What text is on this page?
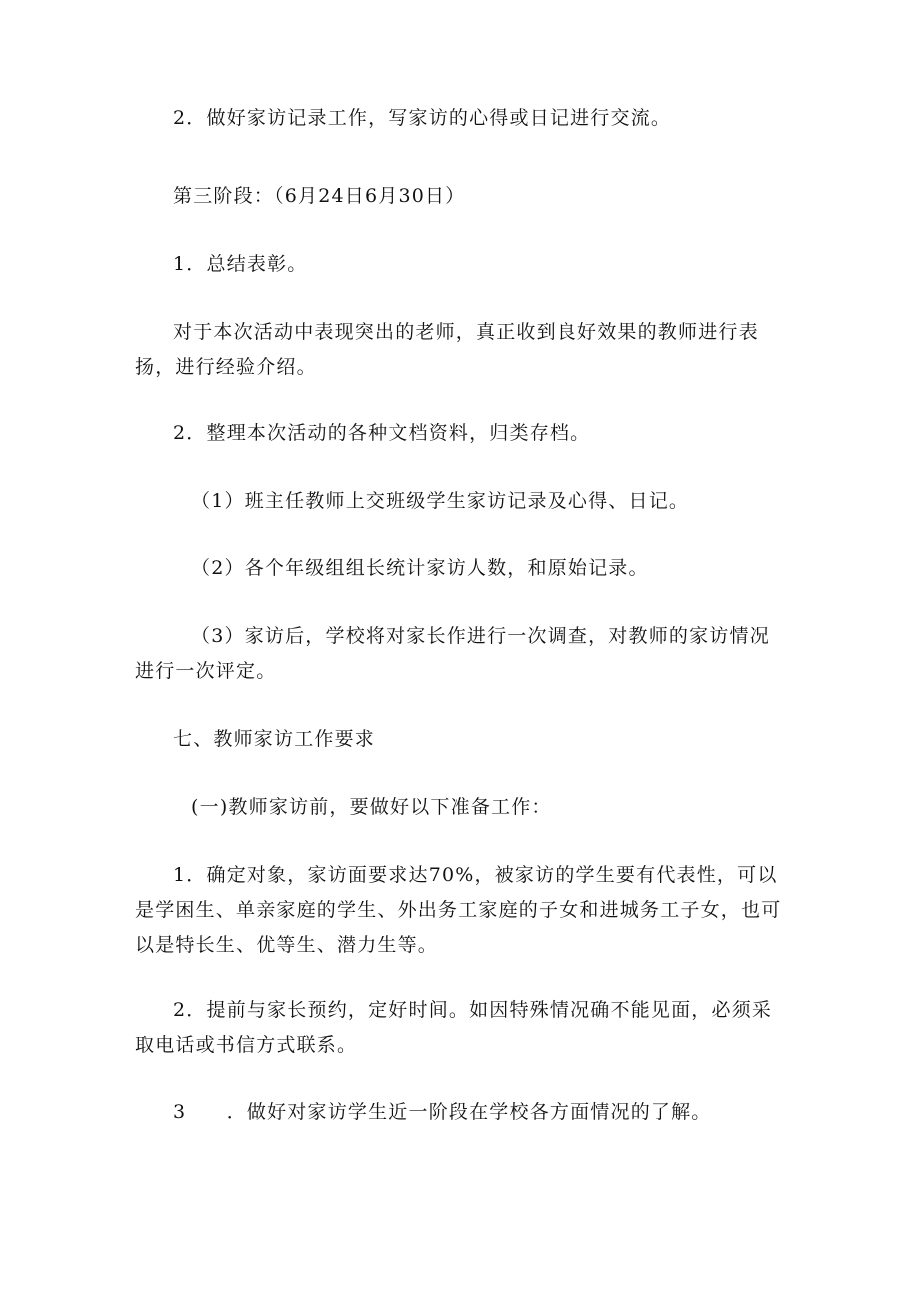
2．做好家访记录工作，写家访的心得或日记进行交流。

第三阶段：（6月24日6月30日）

1．总结表彰。

对于本次活动中表现突出的老师，真正收到良好效果的教师进行表扬，进行经验介绍。

2．整理本次活动的各种文档资料，归类存档。

（1）班主任教师上交班级学生家访记录及心得、日记。

（2）各个年级组组长统计家访人数，和原始记录。

（3）家访后，学校将对家长作进行一次调查，对教师的家访情况进行一次评定。

七、教师家访工作要求

(一)教师家访前，要做好以下准备工作：

1．确定对象，家访面要求达70%，被家访的学生要有代表性，可以是学困生、单亲家庭的学生、外出务工家庭的子女和进城务工子女，也可以是特长生、优等生、潜力生等。

2．提前与家长预约，定好时间。如因特殊情况确不能见面，必须采取电话或书信方式联系。

3　　．做好对家访学生近一阶段在学校各方面情况的了解。
